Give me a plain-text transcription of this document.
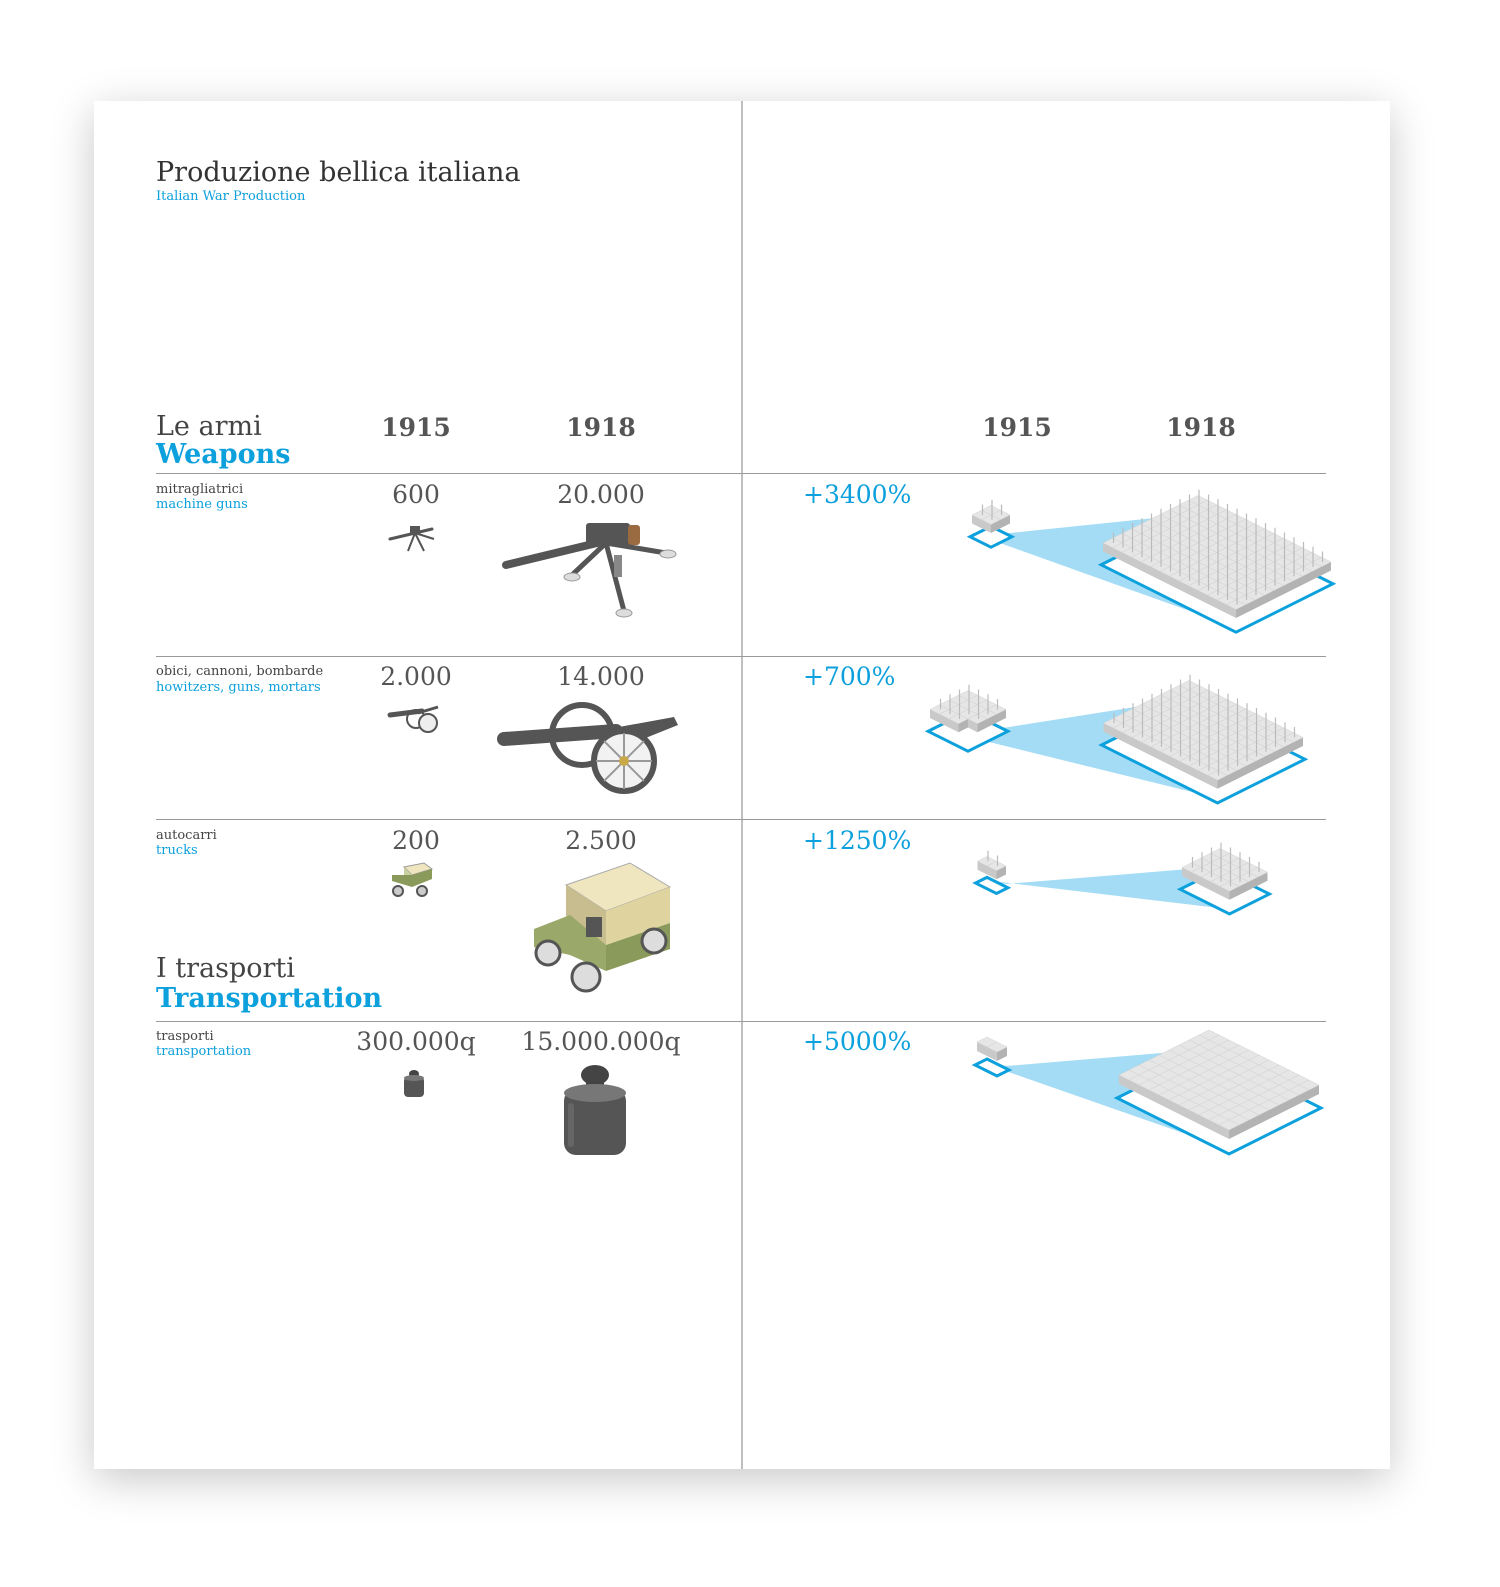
Produzione bellica italiana
Italian War Production
Le armi
Weapons
1915	1918	1915	1918
I trasporti
Transportation
mitragliatrici
machine guns	600	20.000	+3400%
obici, cannoni, bombarde
howitzers, guns, mortars	2.000	14.000	+700%
autocarri
trucks	200	2.500	+1250%
trasporti
transportation	300.000q	15.000.000q	+5000%
